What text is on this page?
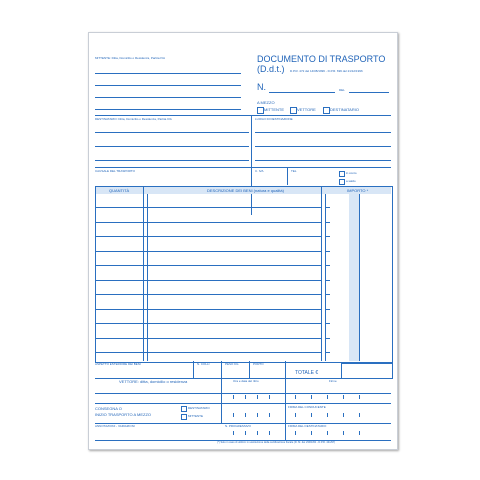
MITTENTE: Ditta, Domicilio o Residenza, Partita IVA	DOCUMENTO DI TRASPORTO
(D.d.t.) D.P.R. 472 del 14/08/1996 - D.P.R. 696 del 21/12/1996
N.	DEL
A MEZZO
MITTENTE	VETTORE	DESTINATARIO
DESTINATARIO: Ditta, Domicilio o Residenza, Partita IVA	LUOGO DI DESTINAZIONE
CAUSALE DEL TRASPORTO	C. IVA	TEL	in conto
a saldo
QUANTITÀ	DESCRIZIONE DEI BENI (natura e qualità)	IMPORTO *
ASPETTO ESTERIORE DEI BENI	N. COLLI	PESO KG	PORTO
TOTALE €
VETTORE: ditta, domicilio o residenza	Ora e data del ritiro	Firme
CONSEGNA O
INIZIO TRASPORTO A MEZZO
DESTINATARIO
MITTENTE
FIRMA DEL CONDUCENTE
ANNOTAZIONI - VARIAZIONI	N. PROGRESSIVO	FIRMA DEL DESTINATARIO
(*) Solo in caso di utilizzo in sostituzione della certificazione fiscale (D. M. dei 23/01/82 - D.P.R. 441/97)
